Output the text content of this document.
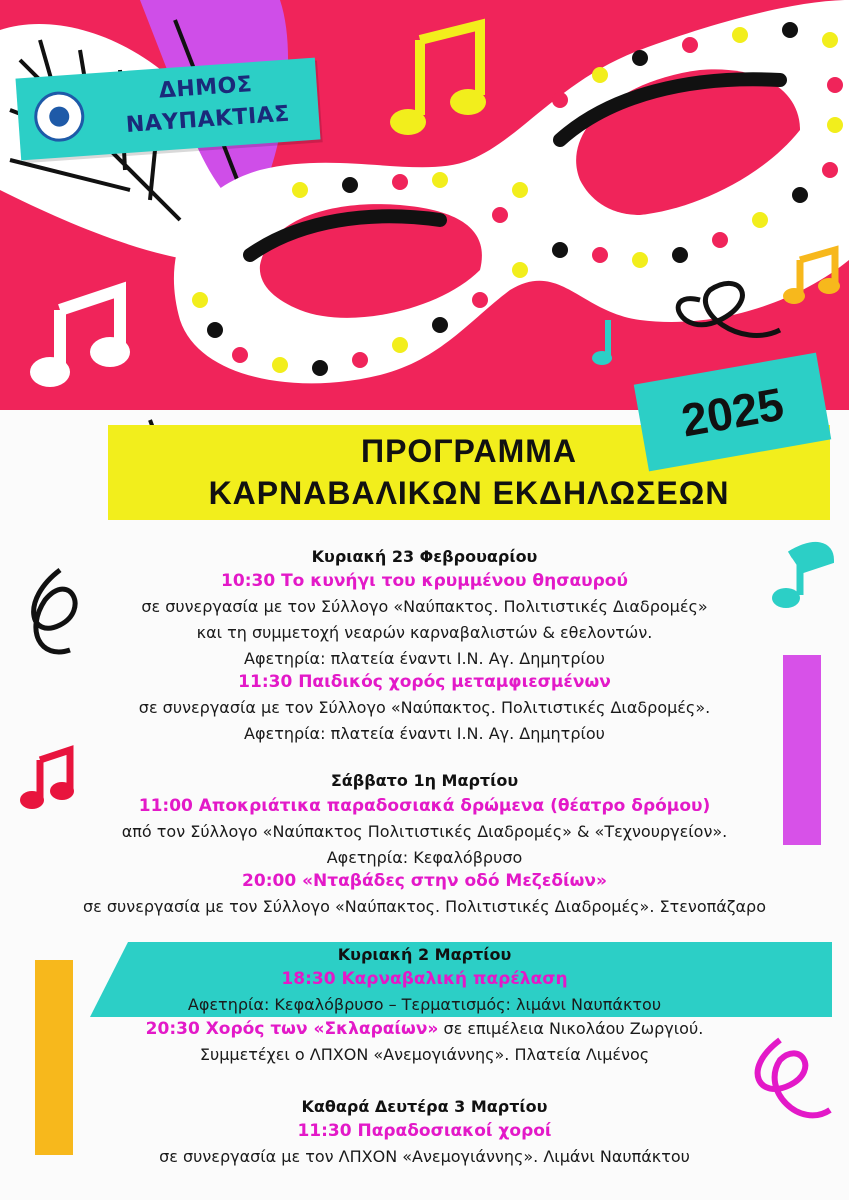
ΔΗΜΟΣ
ΝΑΥΠΑΚΤΙΑΣ
ΠΡΟΓΡΑΜΜΑ
ΚΑΡΝΑΒΑΛΙΚΩΝ ΕΚΔΗΛΩΣΕΩΝ
2025
Κυριακή 23 Φεβρουαρίου
10:30 Το κυνήγι του κρυμμένου θησαυρού
σε συνεργασία με τον Σύλλογο «Ναύπακτος. Πολιτιστικές Διαδρομές»
και τη συμμετοχή νεαρών καρναβαλιστών & εθελοντών.
Αφετηρία: πλατεία έναντι Ι.Ν. Αγ. Δημητρίου
11:30 Παιδικός χορός μεταμφιεσμένων
σε συνεργασία με τον Σύλλογο «Ναύπακτος. Πολιτιστικές Διαδρομές».
Αφετηρία: πλατεία έναντι Ι.Ν. Αγ. Δημητρίου
Σάββατο 1η Μαρτίου
11:00 Αποκριάτικα παραδοσιακά δρώμενα (θέατρο δρόμου)
από τον Σύλλογο «Ναύπακτος Πολιτιστικές Διαδρομές» & «Τεχνουργείον».
Αφετηρία: Κεφαλόβρυσο
20:00 «Νταβάδες στην οδό Μεζεδίων»
σε συνεργασία με τον Σύλλογο «Ναύπακτος. Πολιτιστικές Διαδρομές». Στενοπάζαρο
Κυριακή 2 Μαρτίου
18:30 Καρναβαλική παρέλαση
Αφετηρία: Κεφαλόβρυσο – Τερματισμός: λιμάνι Ναυπάκτου
20:30 Χορός των «Σκλαραίων» σε επιμέλεια Νικολάου Ζωργιού.
Συμμετέχει ο ΛΠΧΟΝ «Ανεμογιάννης». Πλατεία Λιμένος
Καθαρά Δευτέρα 3 Μαρτίου
11:30 Παραδοσιακοί χοροί
σε συνεργασία με τον ΛΠΧΟΝ «Ανεμογιάννης». Λιμάνι Ναυπάκτου
